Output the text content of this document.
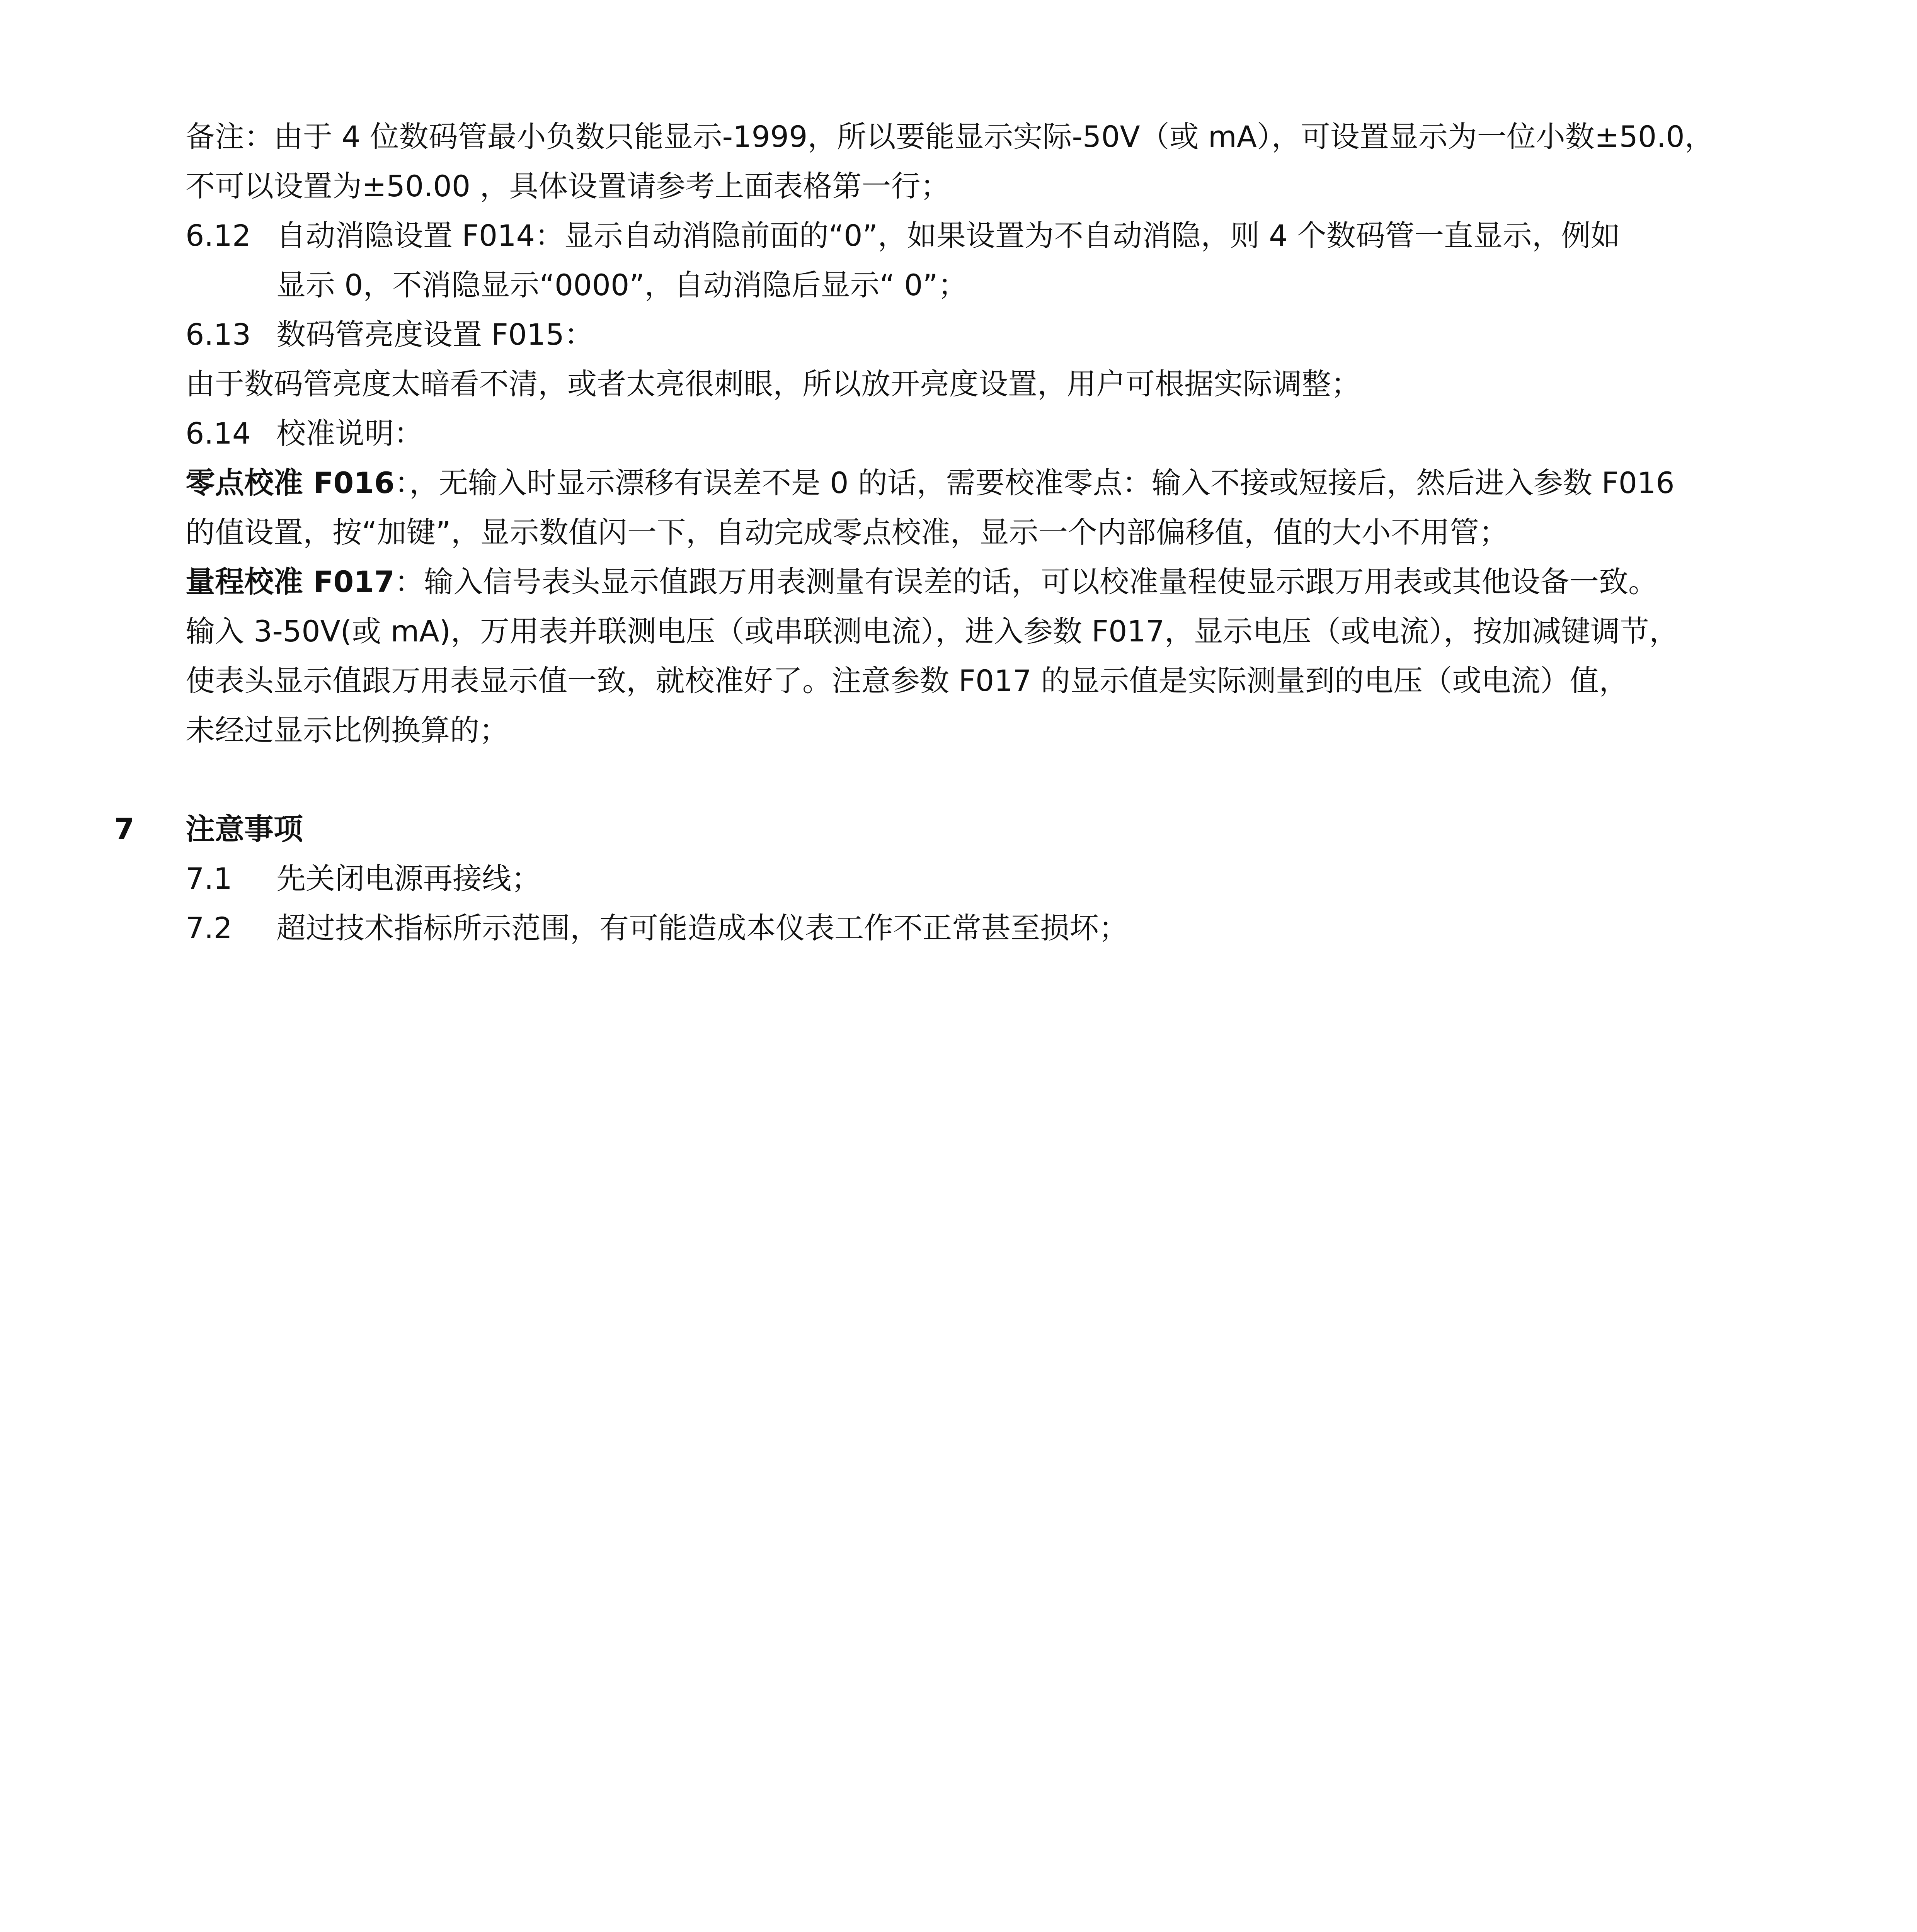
备注：由于 4 位数码管最小负数只能显示-1999，所以要能显示实际-50V（或 mA），可设置显示为一位小数±50.0，
不可以设置为±50.00 ，具体设置请参考上面表格第一行；
6.12 自动消隐设置 F014：显示自动消隐前面的“0”，如果设置为不自动消隐，则 4 个数码管一直显示，例如
显示 0，不消隐显示“0000”，自动消隐后显示“ 0”；
6.13 数码管亮度设置 F015：
由于数码管亮度太暗看不清，或者太亮很刺眼，所以放开亮度设置，用户可根据实际调整；
6.14 校准说明：
零点校准 F016：，无输入时显示漂移有误差不是 0 的话，需要校准零点：输入不接或短接后，然后进入参数 F016
的值设置，按“加键”，显示数值闪一下，自动完成零点校准，显示一个内部偏移值，值的大小不用管；
量程校准 F017：输入信号表头显示值跟万用表测量有误差的话，可以校准量程使显示跟万用表或其他设备一致。
输入 3-50V(或 mA)，万用表并联测电压（或串联测电流），进入参数 F017，显示电压（或电流），按加减键调节，
使表头显示值跟万用表显示值一致，就校准好了。注意参数 F017 的显示值是实际测量到的电压（或电流）值，
未经过显示比例换算的；
7 注意事项
7.1 先关闭电源再接线；
7.2 超过技术指标所示范围，有可能造成本仪表工作不正常甚至损坏；
